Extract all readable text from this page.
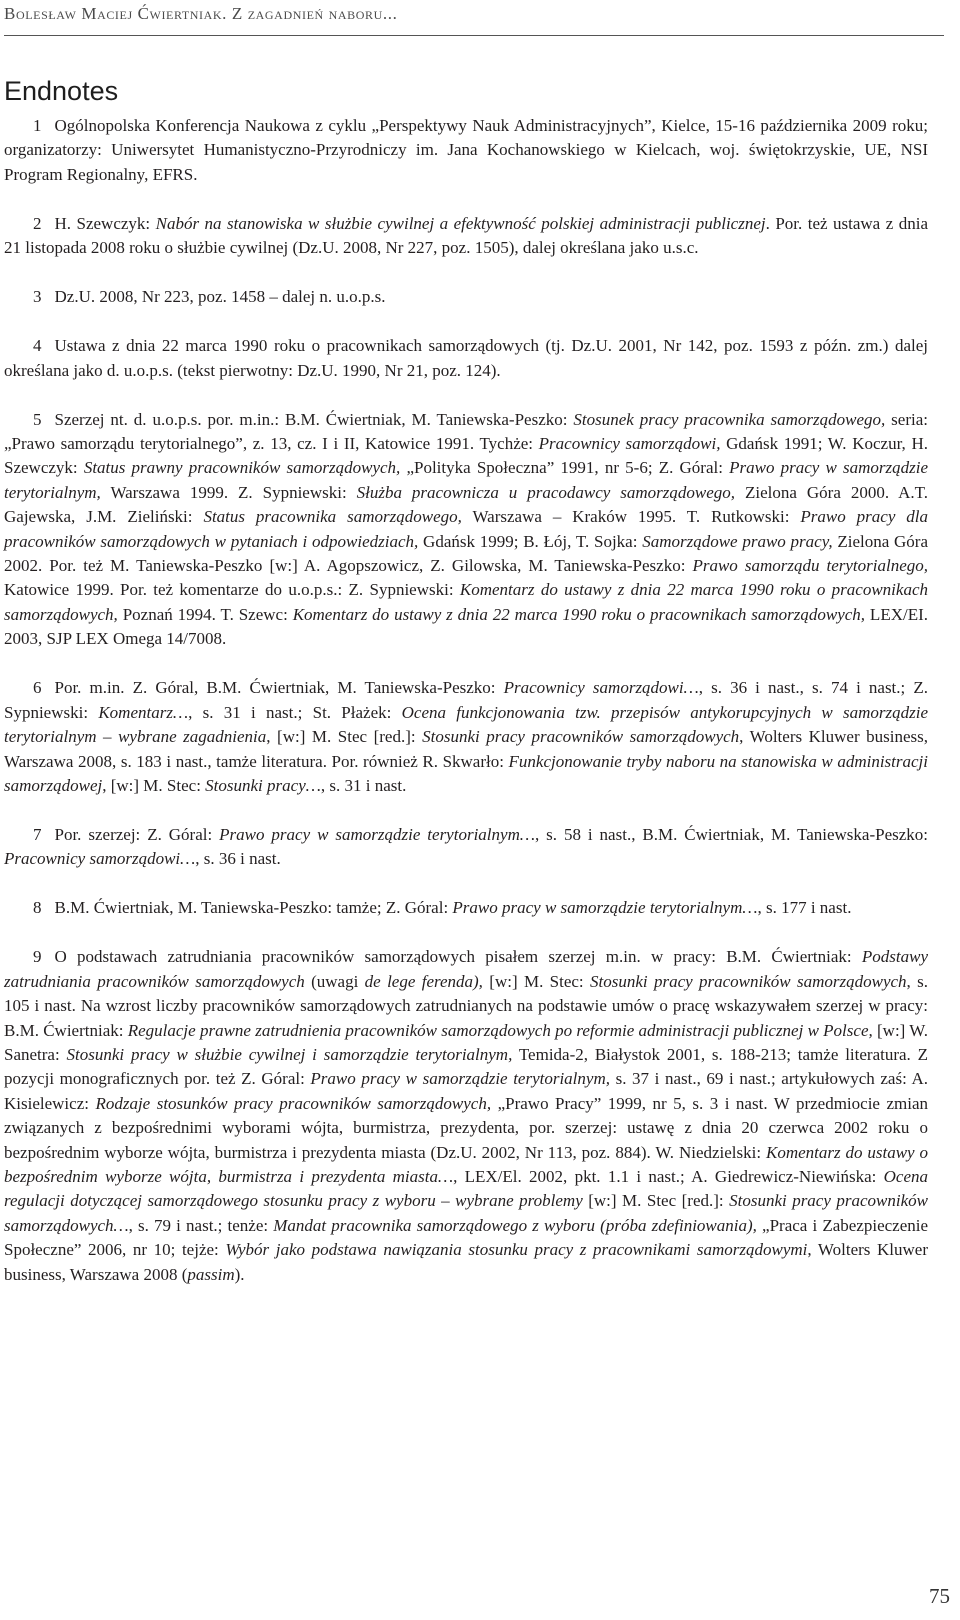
Bolesław Maciej Ćwiertniak. Z zagadnień naboru...
Endnotes

1 Ogólnopolska Konferencja Naukowa z cyklu „Perspektywy Nauk Administracyjnych”, Kielce, 15-16 października 2009 roku; organizatorzy: Uniwersytet Humanistyczno-Przyrodniczy im. Jana Kochanowskiego w Kielcach, woj. świętokrzyskie, UE, NSI Program Regionalny, EFRS.

2 H. Szewczyk: Nabór na stanowiska w służbie cywilnej a efektywność polskiej administracji publicznej. Por. też ustawa z dnia 21 listopada 2008 roku o służbie cywilnej (Dz.U. 2008, Nr 227, poz. 1505), dalej określana jako u.s.c.

3 Dz.U. 2008, Nr 223, poz. 1458 – dalej n. u.o.p.s.

4 Ustawa z dnia 22 marca 1990 roku o pracownikach samorządowych (tj. Dz.U. 2001, Nr 142, poz. 1593 z późn. zm.) dalej określana jako d. u.o.p.s. (tekst pierwotny: Dz.U. 1990, Nr 21, poz. 124).

5 Szerzej nt. d. u.o.p.s. por. m.in.: B.M. Ćwiertniak, M. Taniewska-Peszko: Stosunek pracy pracownika samorządowego, seria: „Prawo samorządu terytorialnego”, z. 13, cz. I i II, Katowice 1991. Tychże: Pracownicy samorządowi, Gdańsk 1991; W. Koczur, H. Szewczyk: Status prawny pracowników samorządowych, „Polityka Społeczna” 1991, nr 5-6; Z. Góral: Prawo pracy w samorządzie terytorialnym, Warszawa 1999. Z. Sypniewski: Służba pracownicza u pracodawcy samorządowego, Zielona Góra 2000. A.T. Gajewska, J.M. Zieliński: Status pracownika samorządowego, Warszawa – Kraków 1995. T. Rutkowski: Prawo pracy dla pracowników samorządowych w pytaniach i odpowiedziach, Gdańsk 1999; B. Łój, T. Sojka: Samorządowe prawo pracy, Zielona Góra 2002. Por. też M. Taniewska-Peszko [w:] A. Agopszowicz, Z. Gilowska, M. Taniewska-Peszko: Prawo samorządu terytorialnego, Katowice 1999. Por. też komentarze do u.o.p.s.: Z. Sypniewski: Komentarz do ustawy z dnia 22 marca 1990 roku o pracownikach samorządowych, Poznań 1994. T. Szewc: Komentarz do ustawy z dnia 22 marca 1990 roku o pracownikach samorządowych, LEX/EI. 2003, SJP LEX Omega 14/7008.

6 Por. m.in. Z. Góral, B.M. Ćwiertniak, M. Taniewska-Peszko: Pracownicy samorządowi…, s. 36 i nast., s. 74 i nast.; Z. Sypniewski: Komentarz…, s. 31 i nast.; St. Płażek: Ocena funkcjonowania tzw. przepisów antykorupcyjnych w samorządzie terytorialnym – wybrane zagadnienia, [w:] M. Stec [red.]: Stosunki pracy pracowników samorządowych, Wolters Kluwer business, Warszawa 2008, s. 183 i nast., tamże literatura. Por. również R. Skwarło: Funkcjonowanie tryby naboru na stanowiska w administracji samorządowej, [w:] M. Stec: Stosunki pracy…, s. 31 i nast.

7 Por. szerzej: Z. Góral: Prawo pracy w samorządzie terytorialnym…, s. 58 i nast., B.M. Ćwiertniak, M. Taniewska-Peszko: Pracownicy samorządowi…, s. 36 i nast.

8 B.M. Ćwiertniak, M. Taniewska-Peszko: tamże; Z. Góral: Prawo pracy w samorządzie terytorialnym…, s. 177 i nast.

9 O podstawach zatrudniania pracowników samorządowych pisałem szerzej m.in. w pracy: B.M. Ćwiertniak: Podstawy zatrudniania pracowników samorządowych (uwagi de lege ferenda), [w:] M. Stec: Stosunki pracy pracowników samorządowych, s. 105 i nast. Na wzrost liczby pracowników samorządowych zatrudnianych na podstawie umów o pracę wskazywałem szerzej w pracy: B.M. Ćwiertniak: Regulacje prawne zatrudnienia pracowników samorządowych po reformie administracji publicznej w Polsce, [w:] W. Sanetra: Stosunki pracy w służbie cywilnej i samorządzie terytorialnym, Temida-2, Białystok 2001, s. 188-213; tamże literatura. Z pozycji monograficznych por. też Z. Góral: Prawo pracy w samorządzie terytorialnym, s. 37 i nast., 69 i nast.; artykułowych zaś: A. Kisielewicz: Rodzaje stosunków pracy pracowników samorządowych, „Prawo Pracy” 1999, nr 5, s. 3 i nast. W przedmiocie zmian związanych z bezpośrednimi wyborami wójta, burmistrza, prezydenta, por. szerzej: ustawę z dnia 20 czerwca 2002 roku o bezpośrednim wyborze wójta, burmistrza i prezydenta miasta (Dz.U. 2002, Nr 113, poz. 884). W. Niedzielski: Komentarz do ustawy o bezpośrednim wyborze wójta, burmistrza i prezydenta miasta…, LEX/El. 2002, pkt. 1.1 i nast.; A. Giedrewicz-Niewińska: Ocena regulacji dotyczącej samorządowego stosunku pracy z wyboru – wybrane problemy [w:] M. Stec [red.]: Stosunki pracy pracowników samorządowych…, s. 79 i nast.; tenże: Mandat pracownika samorządowego z wyboru (próba zdefiniowania), „Praca i Zabezpieczenie Społeczne” 2006, nr 10; tejże: Wybór jako podstawa nawiązania stosunku pracy z pracownikami samorządowymi, Wolters Kluwer business, Warszawa 2008 (passim).

75
